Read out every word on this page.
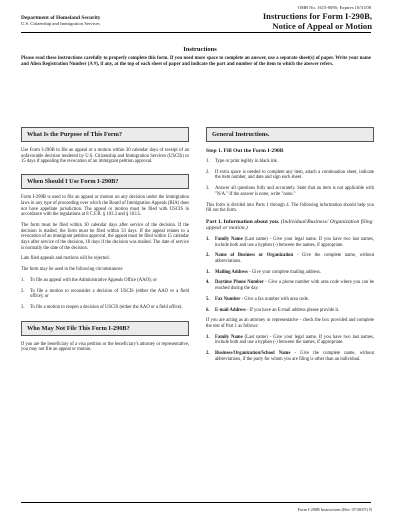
OMB No. 1615-0095; Expires 10/31/08
Department of Homeland Security
U.S. Citizenship and Immigration Services
Instructions for Form I-290B,
Notice of Appeal or Motion
Instructions
Please read these instructions carefully to properly complete this form. If you need more space to complete an answer, use a separate sheet(s) of paper. Write your name and Alien Registration Number (A #), if any, at the top of each sheet of paper and indicate the part and number of the item to which the answer refers.
What Is the Purpose of This Form?

Use Form I-290B to file an appeal or a motion within 30 calendar days of receipt of an unfavorable decision rendered by U.S. Citizenship and Immigration Services (USCIS) or 15 days if appealing the revocation of an immigrant petition approval.

When Should I Use Form I-290B?

Form I-290B is used to file an appeal or motion on any decision under the immigration laws in any type of proceeding over which the Board of Immigration Appeals (BIA) does not have appellate jurisdiction. The appeal or motion must be filed with USCIS in accordance with the regulations at 8 C.F.R. § 103.3 and § 103.5.

The form must be filed within 30 calendar days after service of the decision. If the decision is mailed, the form must be filed within 33 days. If the appeal relates to a revocation of an immigrant petition approval, the appeal must be filed within 15 calendar days after service of the decision, 18 days if the decision was mailed. The date of service is normally the date of the decision.

Late filed appeals and motions will be rejected.

The form may be used in the following circumstances:

1.	To file an appeal with the Administrative Appeals Office (AAO); or
2.	To file a motion to reconsider a decision of USCIS (either the AAO or a field office); or
3.	To file a motion to reopen a decision of USCIS (either the AAO or a field office).
Who May Not File This Form I-290B?

If you are the beneficiary of a visa petition or the beneficiary's attorney or representative, you may not file an appeal or motion.

General Instructions.
Step 1. Fill Out the Form I-290B
1.	Type or print legibly in black ink.
2.	If extra space is needed to complete any item, attach a continuation sheet, indicate the item number, and date and sign each sheet.
3.	Answer all questions fully and accurately. State that an item is not applicable with "N/A." If the answer is none, write "none."

This form is divided into Parts 1 through 4. The following information should help you fill out the form.

Part 1. Information about you. (Individual/Business/ Organization filing appeal or motion.)
1.	Family Name (Last name) - Give your legal name. If you have two last names, include both and use a hyphen (-) between the names, if appropriate.
2.	Name of Business or Organization - Give the complete name, without abbreviations.
3.	Mailing Address - Give your complete mailing address.
4.	Daytime Phone Number - Give a phone number with area code where you can be reached during the day.
5.	Fax Number - Give a fax number with area code.
6.	E-mail Address - If you have an E-mail address please provide it.

If you are acting as an attorney or representative - check the box provided and complete the rest of Part 1 as follows:

1.	Family Name (Last name) - Give your legal name. If you have two last names, include both and use a hyphen (-) between the names, if appropriate.
2.	Business/Organization/School Name - Give the complete name, without abbreviations, if the party for whom you are filing is other than an individual.
Form I-290B Instructions (Rev. 07/30/07) N
